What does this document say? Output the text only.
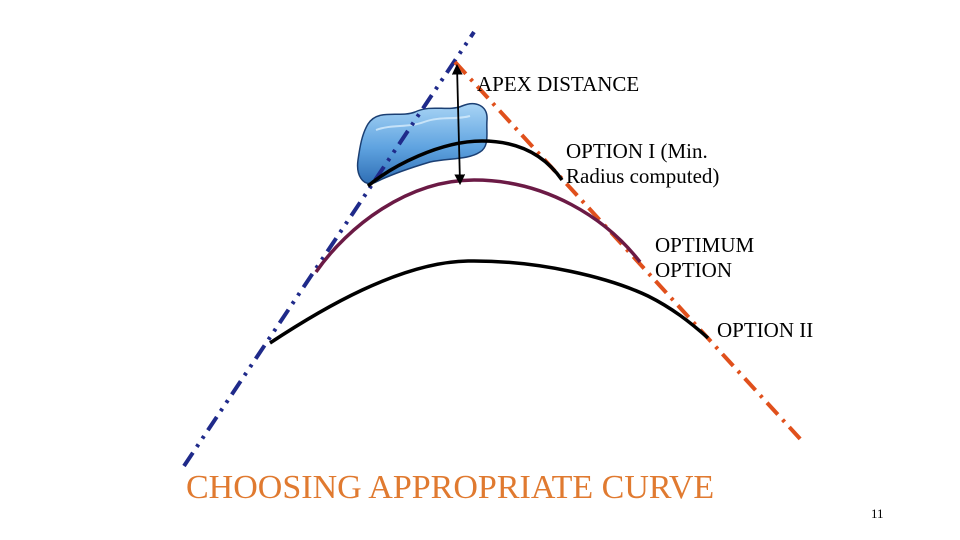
APEX DISTANCE
OPTION I (Min.
Radius computed)
OPTIMUM
OPTION
OPTION II
CHOOSING APPROPRIATE CURVE
11
